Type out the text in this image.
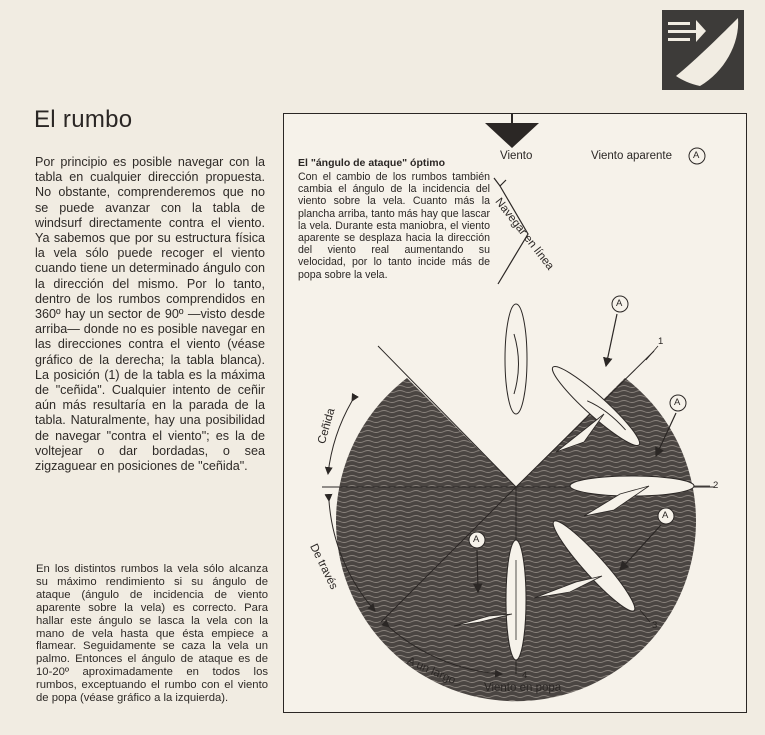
El rumbo

Por principio es posible navegar con la tabla en cualquier dirección propuesta. No obstante, comprenderemos que no se puede avanzar con la tabla de windsurf directamente contra el viento. Ya sabemos que por su estructura física la vela sólo puede recoger el viento cuando tiene un determinado ángulo con la dirección del mismo. Por lo tanto, dentro de los rumbos comprendidos en 360º hay un sector de 90º —visto desde arriba— donde no es posible navegar en las direcciones contra el viento (véase gráfico de la derecha; la tabla blanca). La posición (1) de la tabla es la máxima de "ceñida". Cualquier intento de ceñir aún más resultaría en la parada de la tabla. Naturalmente, hay una posibilidad de navegar "contra el viento"; es la de voltejear o dar bordadas, o sea zigzaguear en posiciones de "ceñida".

En los distintos rumbos la vela sólo alcanza su máximo rendimiento si su ángulo de ataque (ángulo de incidencia de viento aparente sobre la vela) es correcto. Para hallar este ángulo se lasca la vela con la mano de vela hasta que ésta empiece a flamear. Seguidamente se caza la vela un palmo. Entonces el ángulo de ataque es de 10-20º aproximadamente en todos los rumbos, exceptuando el rumbo con el viento de popa (véase gráfico a la izquierda).

A
A
A
A
A

El "ángulo de ataque" óptimo

Con el cambio de los rumbos también cambia el ángulo de la incidencia del viento sobre la vela. Cuanto más la plancha arriba, tanto más hay que lascar la vela. Durante esta maniobra, el viento aparente se desplaza hacia la dirección del viento real aumentando su velocidad, por lo tanto incide más de popa sobre la vela.

Viento	Viento aparente
Viento en popa
Navegar en línea
Ceñida
De través
A un largo
1
2
3
4
